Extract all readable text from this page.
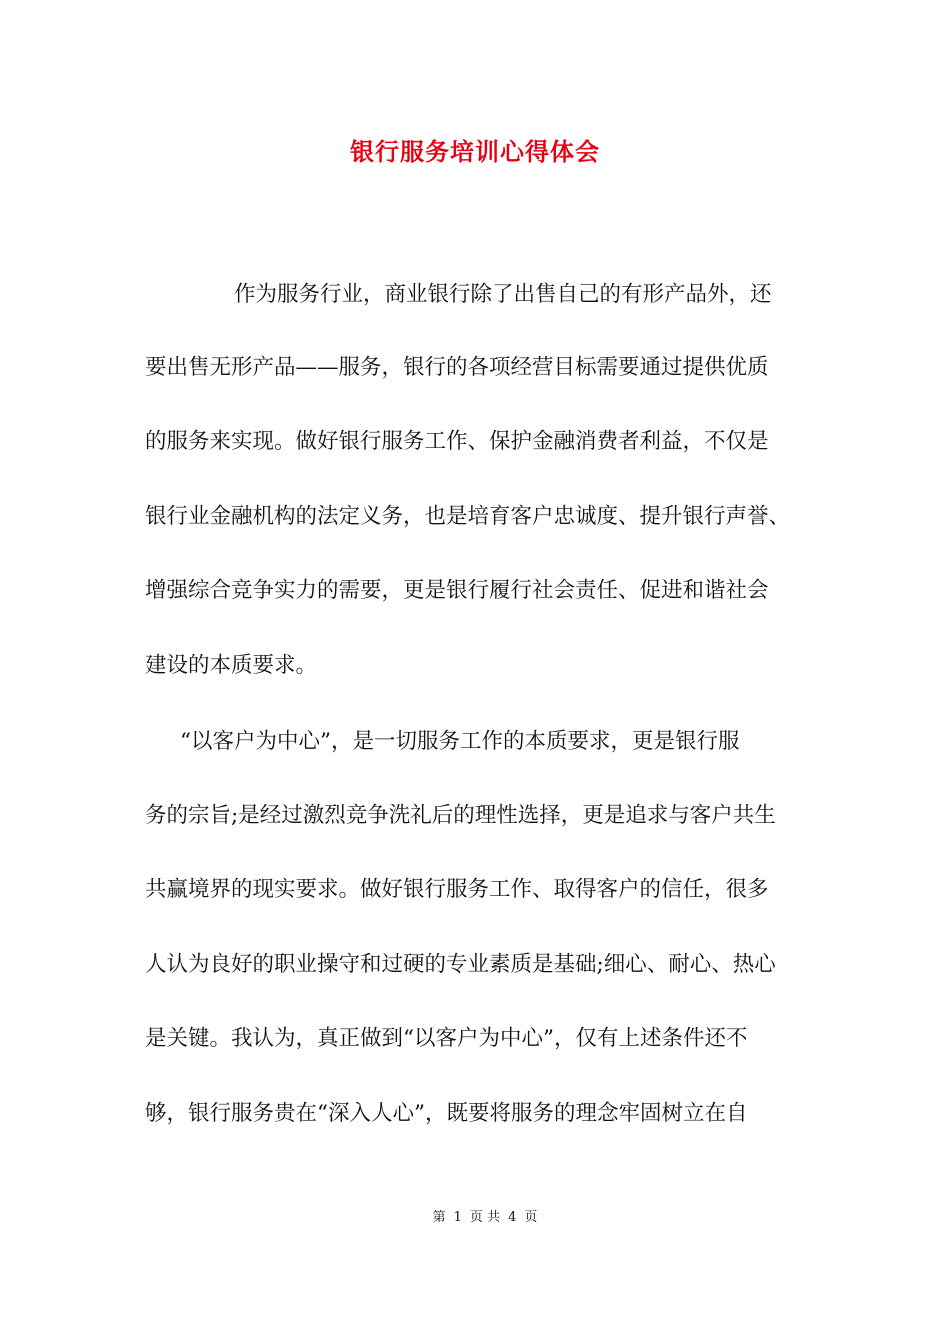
银行服务培训心得体会

作为服务行业，商业银行除了出售自己的有形产品外，还

要出售无形产品——服务，银行的各项经营目标需要通过提供优质

的服务来实现。做好银行服务工作、保护金融消费者利益，不仅是

银行业金融机构的法定义务，也是培育客户忠诚度、提升银行声誉、

增强综合竞争实力的需要，更是银行履行社会责任、促进和谐社会

建设的本质要求。

“以客户为中心”，是一切服务工作的本质要求，更是银行服

务的宗旨;是经过激烈竞争洗礼后的理性选择，更是追求与客户共生

共赢境界的现实要求。做好银行服务工作、取得客户的信任，很多

人认为良好的职业操守和过硬的专业素质是基础;细心、耐心、热心

是关键。我认为，真正做到“以客户为中心”，仅有上述条件还不

够，银行服务贵在“深入人心”，既要将服务的理念牢固树立在自

第 1 页 共 4 页
